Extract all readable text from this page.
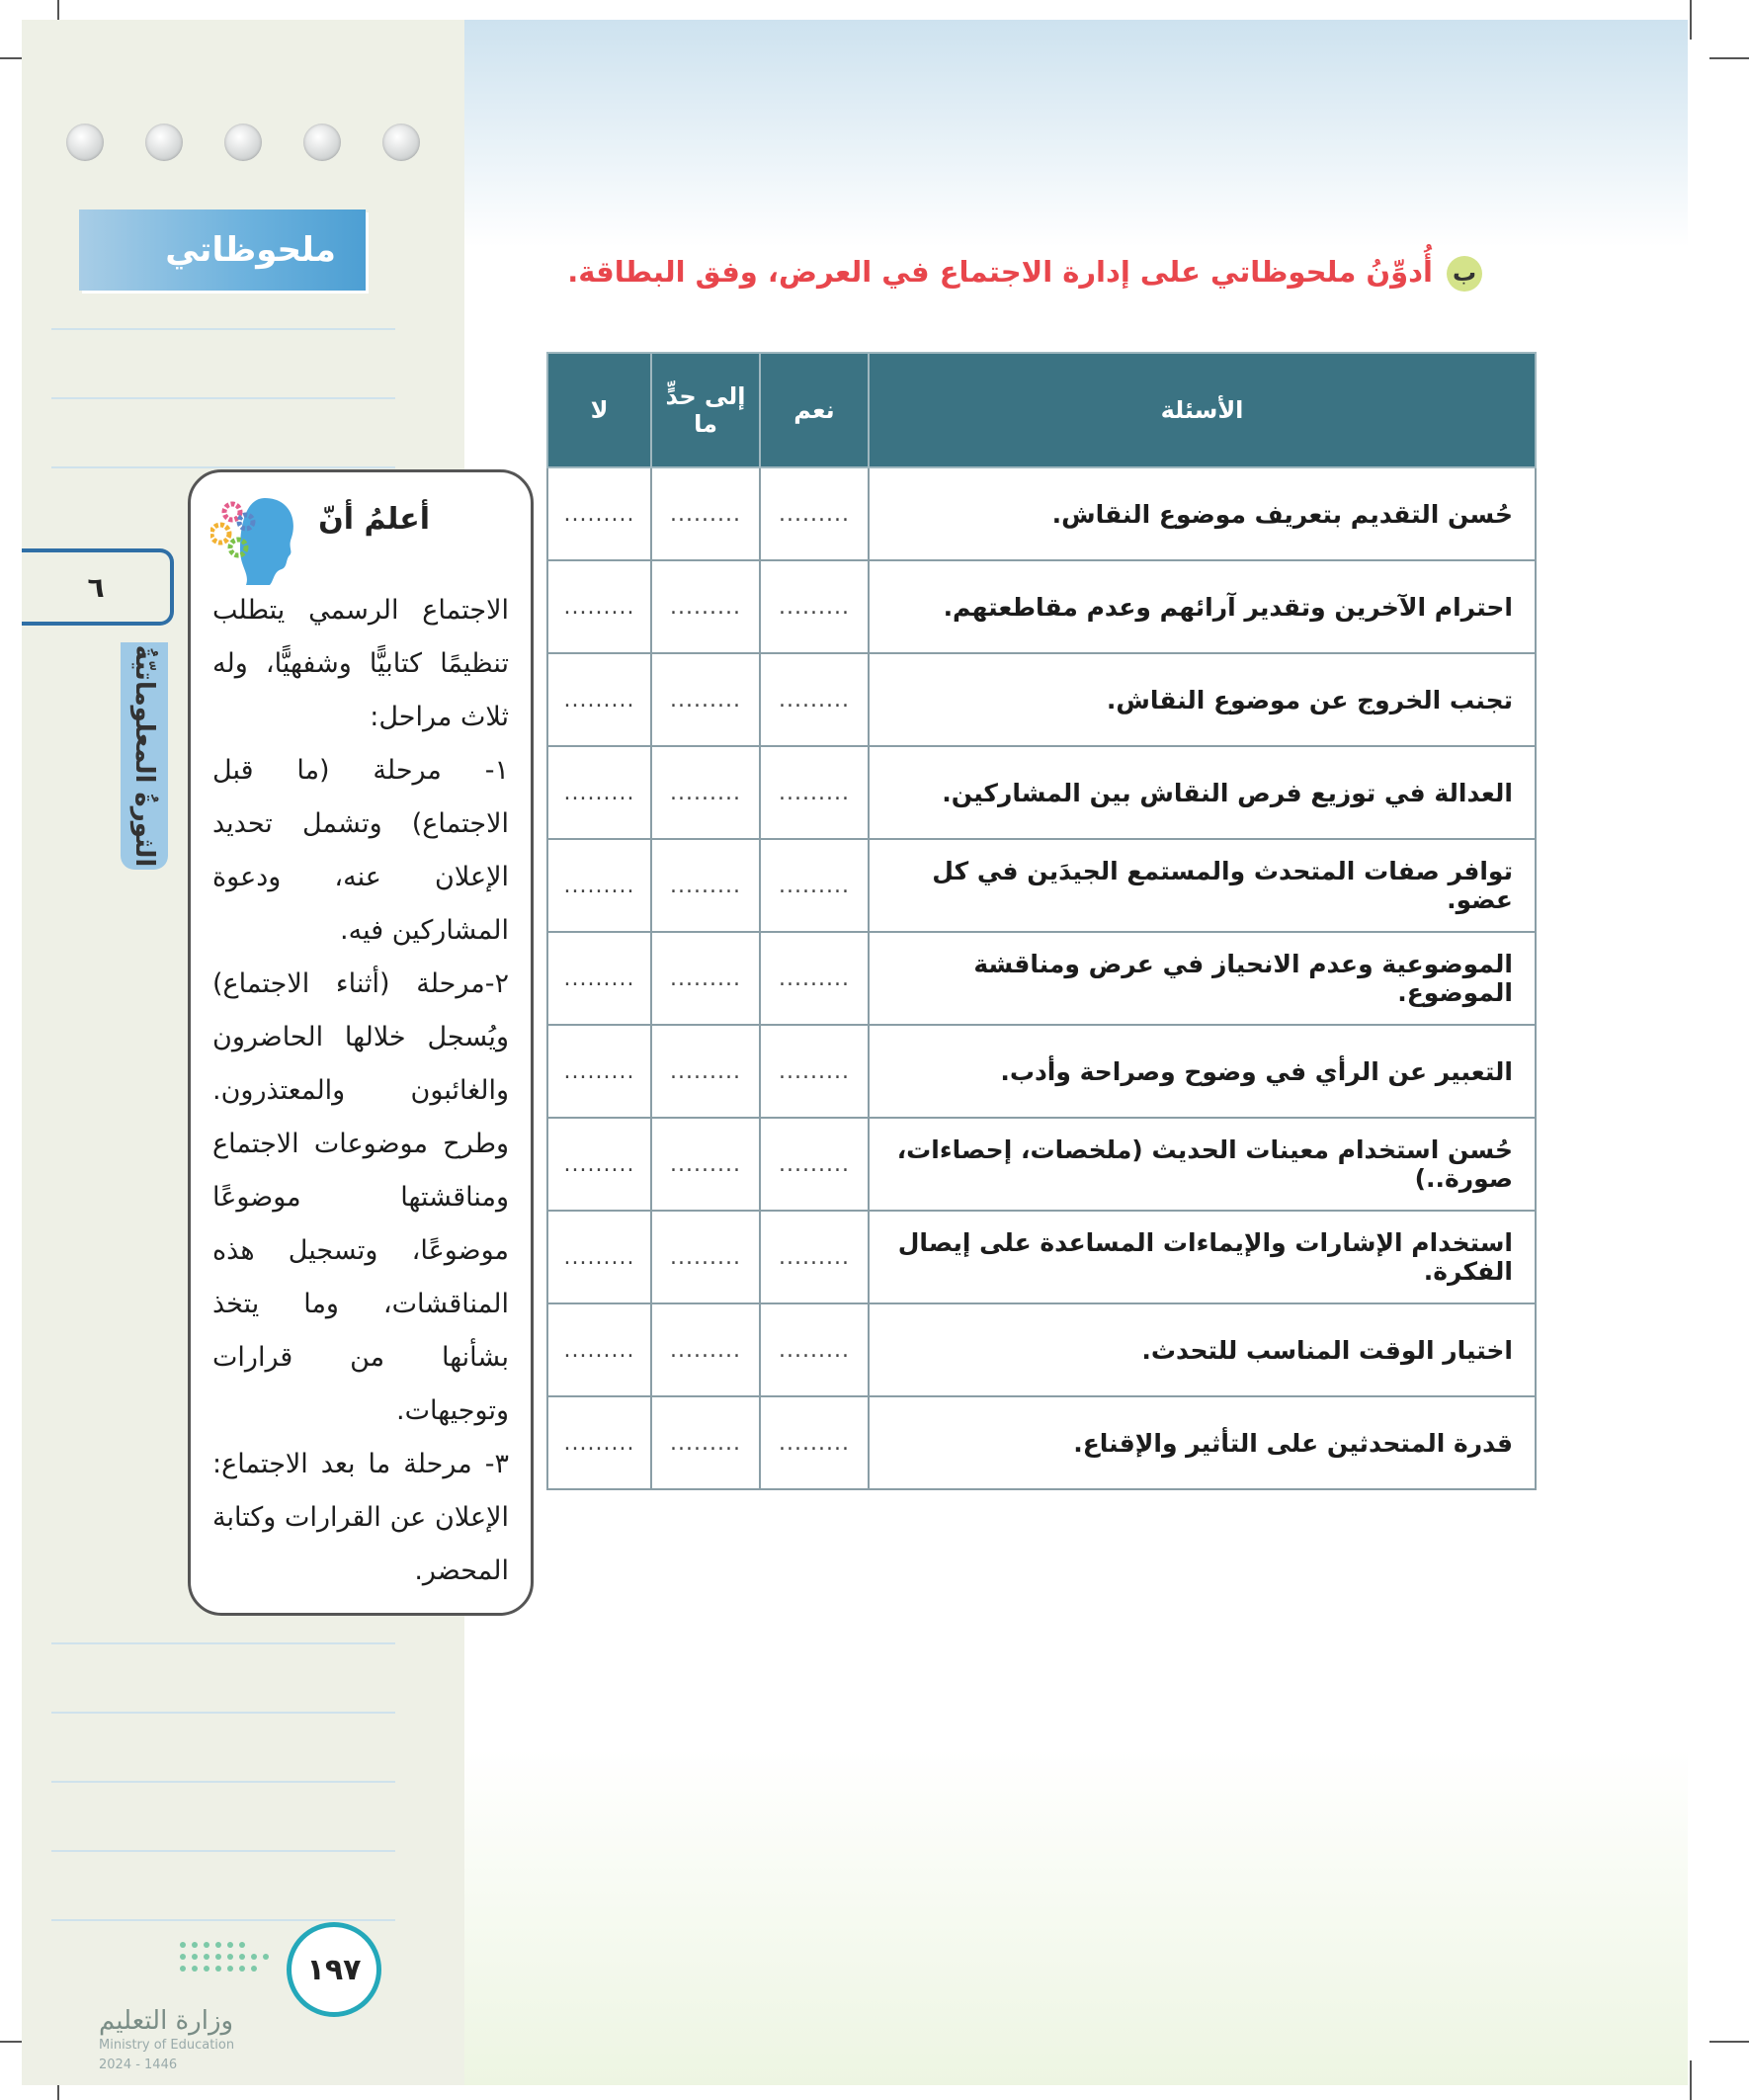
ملحوظاتي
٦
الثورةُ المعلوماتيّةُ
أعلمُ أنّ
الاجتماع الرسمي يتطلب تنظيمًا كتابيًّا وشفهيًّا، وله ثلاث مراحل:
١- مرحلة (ما قبل الاجتماع) وتشمل تحديد الإعلان عنه، ودعوة المشاركين فيه.
٢-مرحلة (أثناء الاجتماع) ويُسجل خلالها الحاضرون والغائبون والمعتذرون. وطرح موضوعات الاجتماع ومناقشتها موضوعًا موضوعًا، وتسجيل هذه المناقشات، وما يتخذ بشأنها من قرارات وتوجيهات.
٣- مرحلة ما بعد الاجتماع: الإعلان عن القرارات وكتابة المحضر.
بأُدوِّنُ ملحوظاتي على إدارة الاجتماع في العرض، وفق البطاقة.
الأسئلة	نعم	إلى حدٍّ ما	لا
حُسن التقديم بتعريف موضوع النقاش.	.........	.........	.........
احترام الآخرين وتقدير آرائهم وعدم مقاطعتهم.	.........	.........	.........
تجنب الخروج عن موضوع النقاش.	.........	.........	.........
العدالة في توزيع فرص النقاش بين المشاركين.	.........	.........	.........
توافر صفات المتحدث والمستمع الجيدَين في كل عضو.	.........	.........	.........
الموضوعية وعدم الانحياز في عرض ومناقشة الموضوع.	.........	.........	.........
التعبير عن الرأي في وضوح وصراحة وأدب.	.........	.........	.........
حُسن استخدام معينات الحديث (ملخصات، إحصاءات، صورة..)	.........	.........	.........
استخدام الإشارات والإيماءات المساعدة على إيصال الفكرة.	.........	.........	.........
اختيار الوقت المناسب للتحدث.	.........	.........	.........
قدرة المتحدثين على التأثير والإقناع.	.........	.........	.........
١٩٧
وزارة التعليم
Ministry of Education
2024 - 1446
